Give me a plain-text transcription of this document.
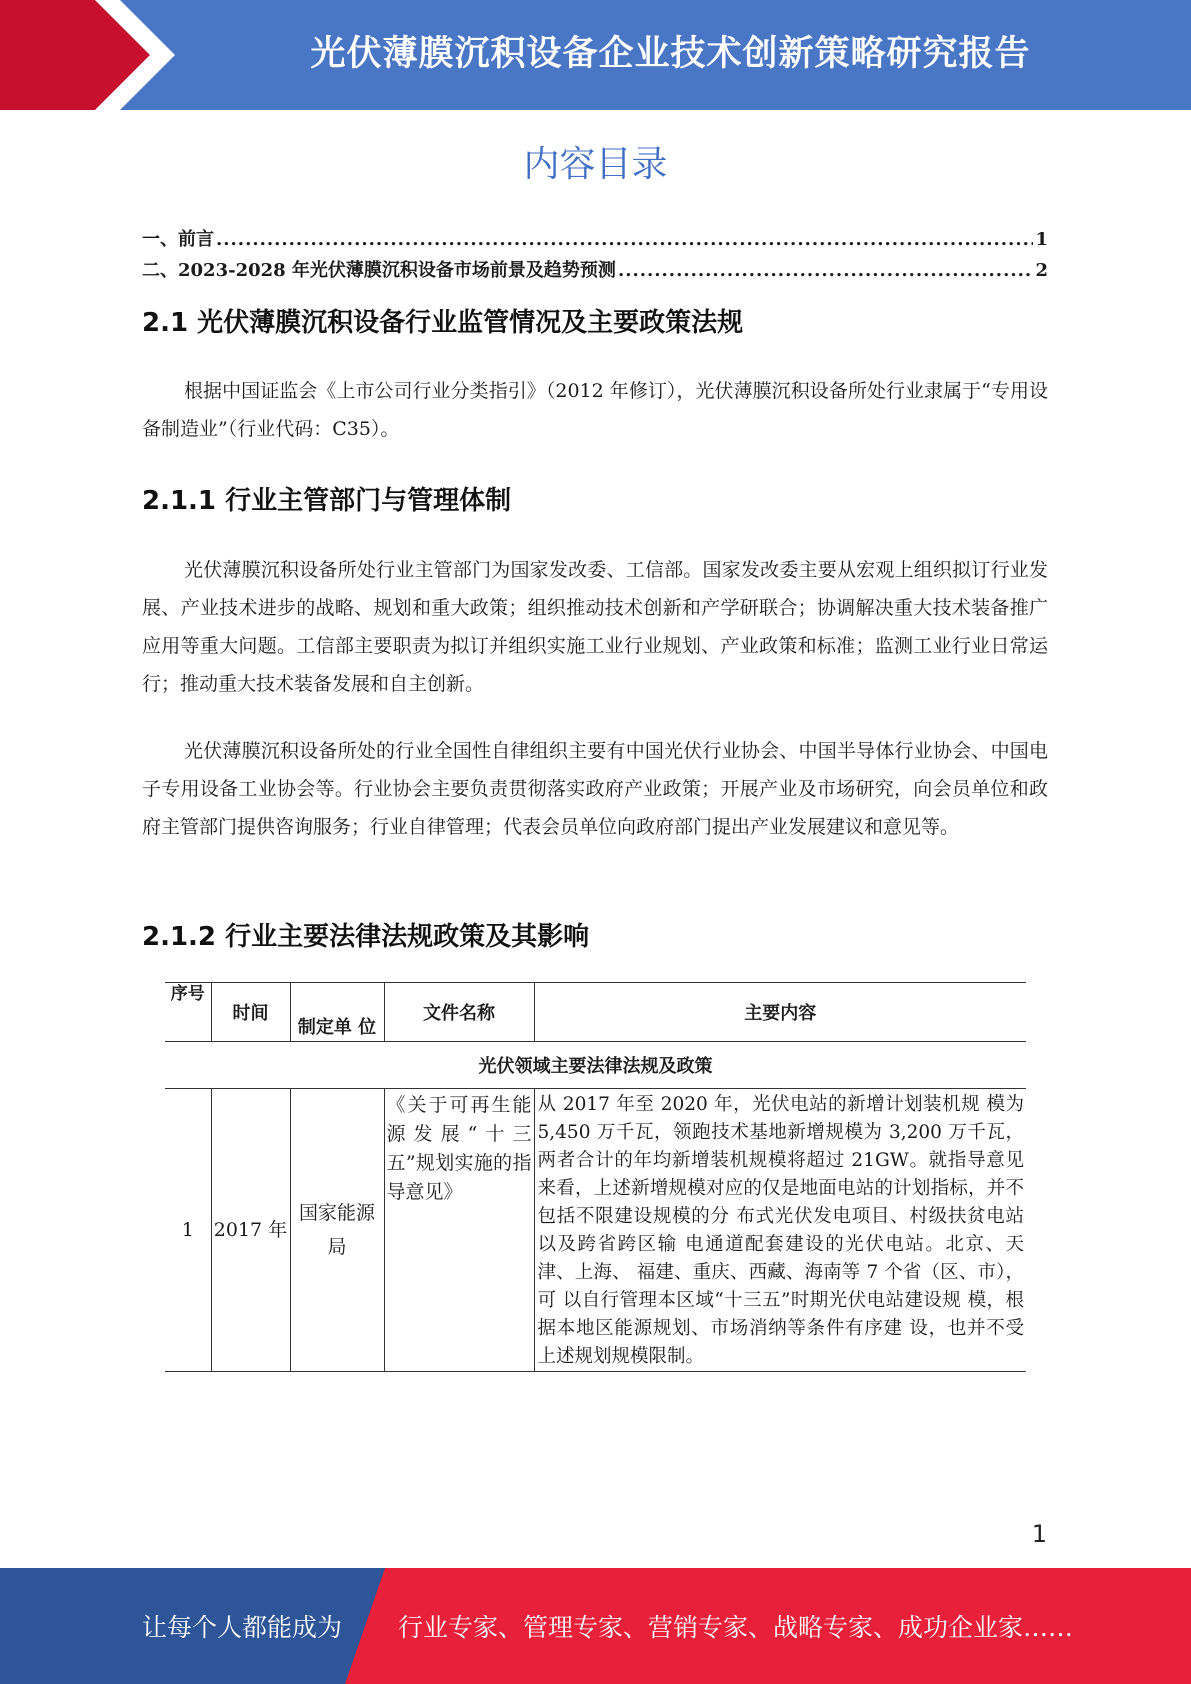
光伏薄膜沉积设备企业技术创新策略研究报告
内容目录
一、前言 .....	1
二、2023-2028 年光伏薄膜沉积设备市场前景及趋势预测 .....	2
2.1 光伏薄膜沉积设备行业监管情况及主要政策法规

根据中国证监会《上市公司行业分类指引》（2012 年修订），光伏薄膜沉积设备所处行业隶属于“专用设备制造业”（行业代码：C35）。

2.1.1 行业主管部门与管理体制

光伏薄膜沉积设备所处行业主管部门为国家发改委、工信部。国家发改委主要从宏观上组织拟订行业发展、产业技术进步的战略、规划和重大政策；组织推动技术创新和产学研联合；协调解决重大技术装备推广应用等重大问题。工信部主要职责为拟订并组织实施工业行业规划、产业政策和标准；监测工业行业日常运行；推动重大技术装备发展和自主创新。

光伏薄膜沉积设备所处的行业全国性自律组织主要有中国光伏行业协会、中国半导体行业协会、中国电子专用设备工业协会等。行业协会主要负责贯彻落实政府产业政策；开展产业及市场研究，向会员单位和政府主管部门提供咨询服务；行业自律管理；代表会员单位向政府部门提出产业发展建议和意见等。

2.1.2 行业主要法律法规政策及其影响
序号	时间	制定单 位	文件名称	主要内容
光伏领域主要法律法规及政策				
1	2017 年	国家能源局	《关于可再生能源发展“十三五”规划实施的指导意见》	从 2017 年至 2020 年，光伏电站的新增计划装机规 模为 5,450 万千瓦，领跑技术基地新增规模为 3,200 万千瓦，两者合计的年均新增装机规模将超过 21GW。就指导意见来看，上述新增规模对应的仅是地面电站的计划指标，并不包括不限建设规模的分 布式光伏发电项目、村级扶贫电站以及跨省跨区输 电通道配套建设的光伏电站。北京、天津、上海、 福建、重庆、西藏、海南等 7 个省（区、市），可 以自行管理本区域“十三五”时期光伏电站建设规 模，根据本地区能源规划、市场消纳等条件有序建 设，也并不受上述规划规模限制。
1
让每个人都能成为 行业专家、管理专家、营销专家、战略专家、成功企业家……
